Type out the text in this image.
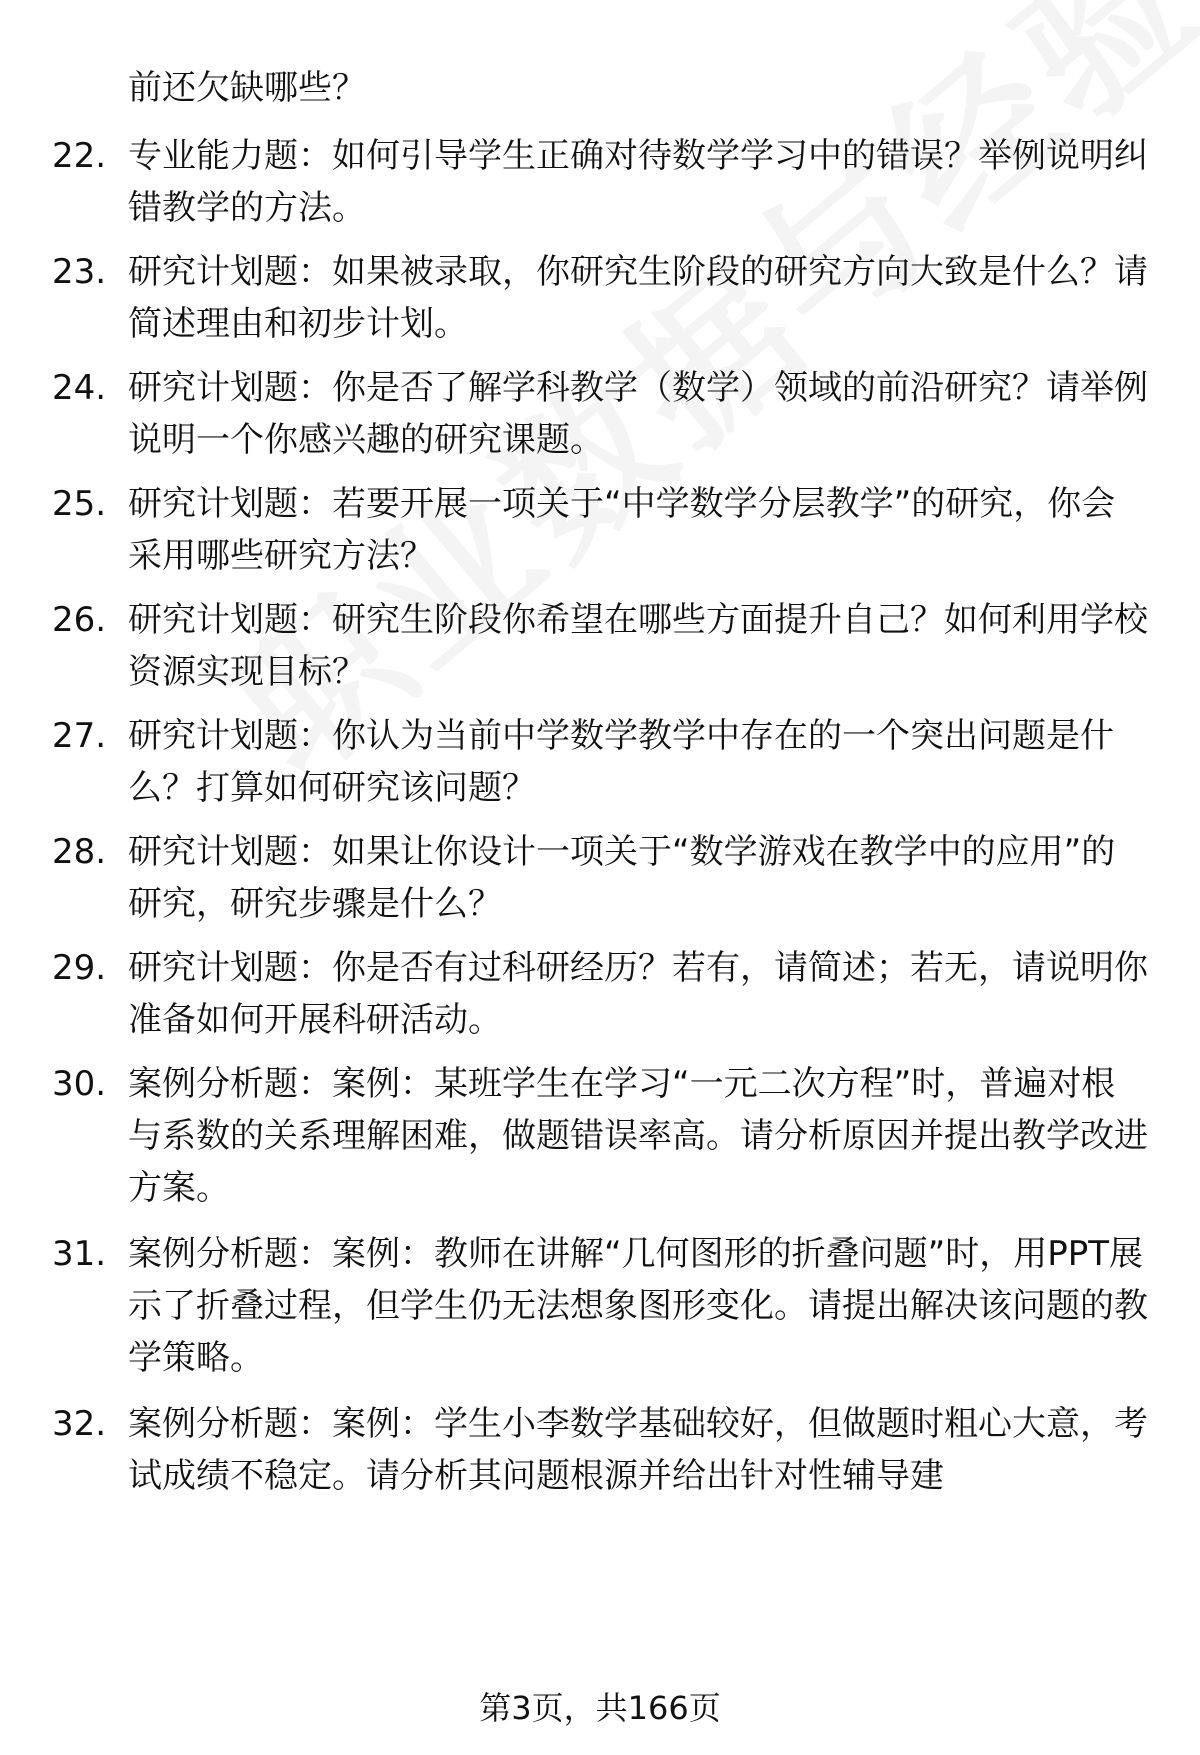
前还欠缺哪些？
22. 专业能力题：如何引导学生正确对待数学学习中的错误？举例说明纠错教学的方法。
23. 研究计划题：如果被录取，你研究生阶段的研究方向大致是什么？请简述理由和初步计划。
24. 研究计划题：你是否了解学科教学（数学）领域的前沿研究？请举例说明一个你感兴趣的研究课题。
25. 研究计划题：若要开展一项关于“中学数学分层教学”的研究，你会采用哪些研究方法？
26. 研究计划题：研究生阶段你希望在哪些方面提升自己？如何利用学校资源实现目标？
27. 研究计划题：你认为当前中学数学教学中存在的一个突出问题是什么？打算如何研究该问题？
28. 研究计划题：如果让你设计一项关于“数学游戏在教学中的应用”的研究，研究步骤是什么？
29. 研究计划题：你是否有过科研经历？若有，请简述；若无，请说明你准备如何开展科研活动。
30. 案例分析题：案例：某班学生在学习“一元二次方程”时，普遍对根与系数的关系理解困难，做题错误率高。请分析原因并提出教学改进方案。
31. 案例分析题：案例：教师在讲解“几何图形的折叠问题”时，用PPT展示了折叠过程，但学生仍无法想象图形变化。请提出解决该问题的教学策略。
32. 案例分析题：案例：学生小李数学基础较好，但做题时粗心大意，考试成绩不稳定。请分析其问题根源并给出针对性辅导建
第3页，共166页
